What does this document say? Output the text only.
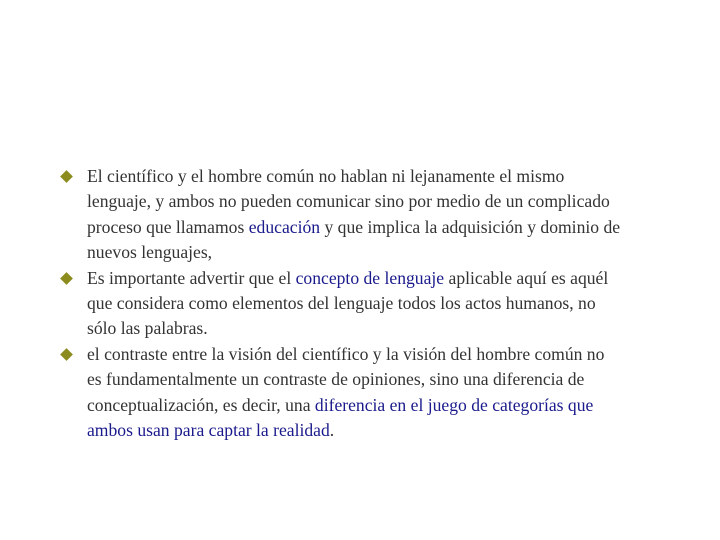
El científico y el hombre común no hablan ni lejanamente el mismo lenguaje, y ambos no pueden comunicar sino por medio de un complicado proceso que llamamos educación y que implica la adquisición y dominio de nuevos lenguajes,
Es importante advertir que el concepto de lenguaje aplicable aquí es aquél que considera como elementos del lenguaje todos los actos humanos, no sólo las palabras.
el contraste entre la visión del científico y la visión del hombre común no es fundamentalmente un contraste de opiniones, sino una diferencia de conceptualización, es decir, una diferencia en el juego de categorías que ambos usan para captar la realidad.
